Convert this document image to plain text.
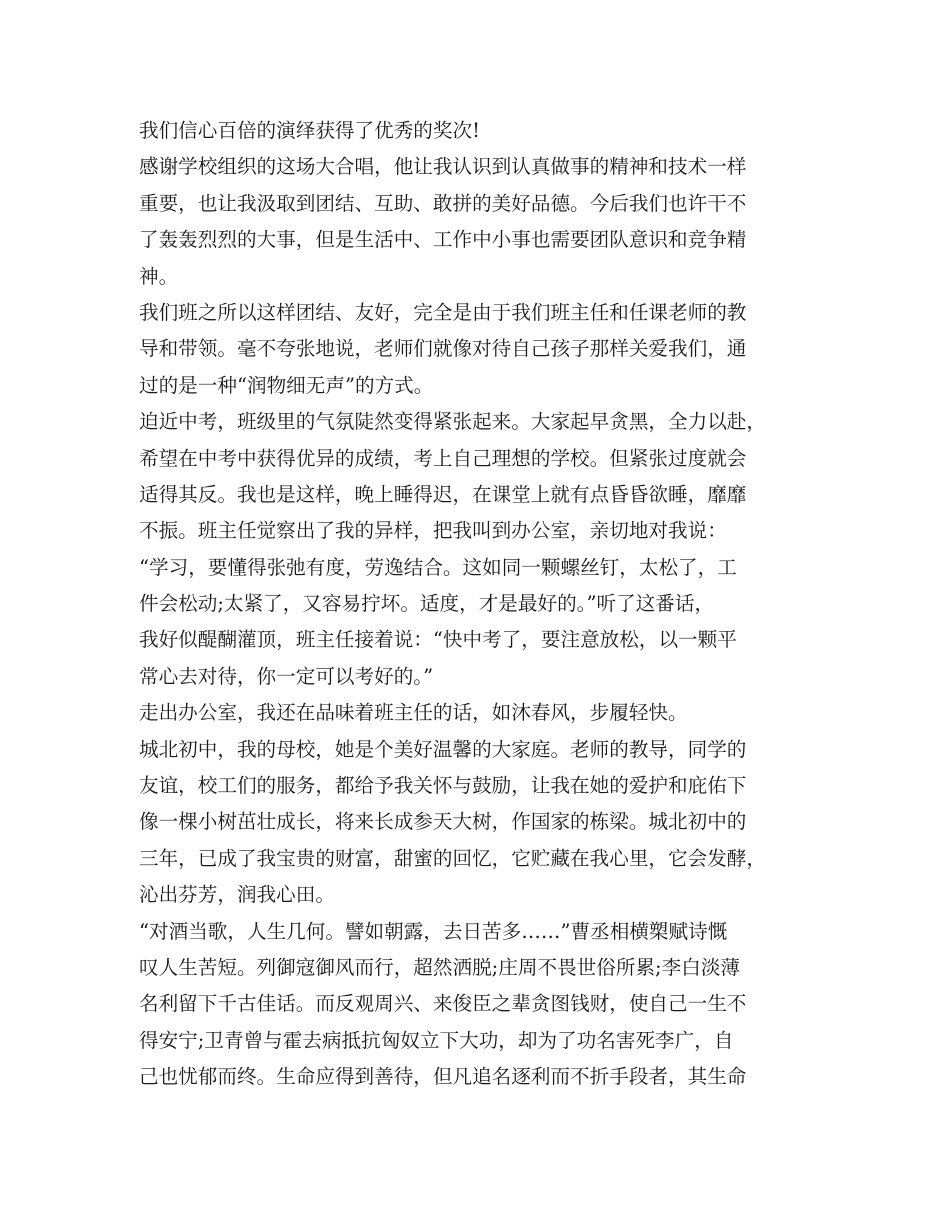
我们信心百倍的演绎获得了优秀的奖次!
感谢学校组织的这场大合唱，他让我认识到认真做事的精神和技术一样
重要，也让我汲取到团结、互助、敢拼的美好品德。今后我们也许干不
了轰轰烈烈的大事，但是生活中、工作中小事也需要团队意识和竞争精
神。
我们班之所以这样团结、友好，完全是由于我们班主任和任课老师的教
导和带领。毫不夸张地说，老师们就像对待自己孩子那样关爱我们，通
过的是一种“润物细无声”的方式。
迫近中考，班级里的气氛陡然变得紧张起来。大家起早贪黑，全力以赴，
希望在中考中获得优异的成绩，考上自己理想的学校。但紧张过度就会
适得其反。我也是这样，晚上睡得迟，在课堂上就有点昏昏欲睡，靡靡
不振。班主任觉察出了我的异样，把我叫到办公室，亲切地对我说：
“学习，要懂得张弛有度，劳逸结合。这如同一颗螺丝钉，太松了，工
件会松动;太紧了，又容易拧坏。适度，才是最好的。”听了这番话，
我好似醍醐灌顶，班主任接着说：“快中考了，要注意放松，以一颗平
常心去对待，你一定可以考好的。”
走出办公室，我还在品味着班主任的话，如沐春风，步履轻快。
城北初中，我的母校，她是个美好温馨的大家庭。老师的教导，同学的
友谊，校工们的服务，都给予我关怀与鼓励，让我在她的爱护和庇佑下
像一棵小树茁壮成长，将来长成参天大树，作国家的栋梁。城北初中的
三年，已成了我宝贵的财富，甜蜜的回忆，它贮藏在我心里，它会发酵，
沁出芬芳，润我心田。
“对酒当歌，人生几何。譬如朝露，去日苦多……”曹丞相横槊赋诗慨
叹人生苦短。列御寇御风而行，超然洒脱;庄周不畏世俗所累;李白淡薄
名利留下千古佳话。而反观周兴、来俊臣之辈贪图钱财，使自己一生不
得安宁;卫青曾与霍去病抵抗匈奴立下大功，却为了功名害死李广，自
己也忧郁而终。生命应得到善待，但凡追名逐利而不折手段者，其生命
